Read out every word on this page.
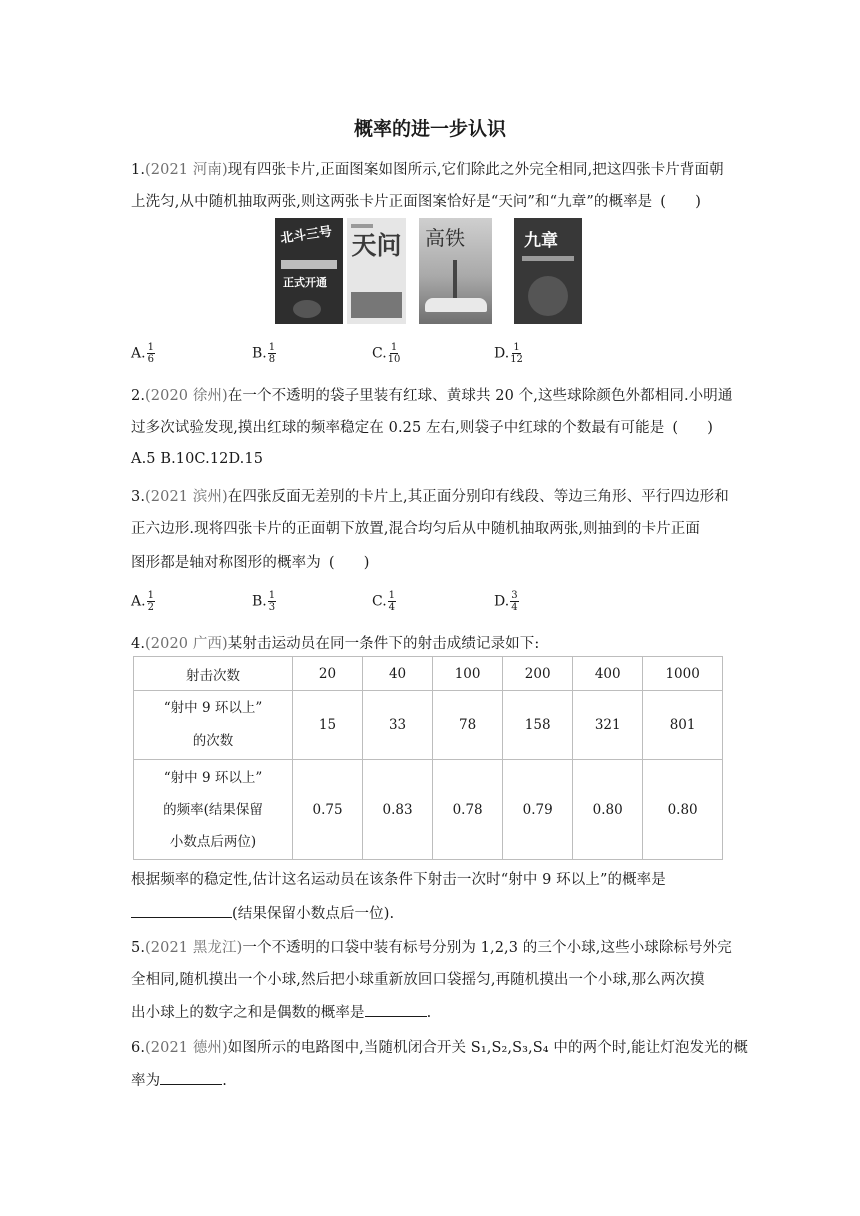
概率的进一步认识
1.(2021 河南)现有四张卡片,正面图案如图所示,它们除此之外完全相同,把这四张卡片背面朝
上洗匀,从中随机抽取两张,则这两张卡片正面图案恰好是“天问”和“九章”的概率是 (　　)
北斗三号
正式开通
天问 高铁	九章
A. $\frac{1}{6}$	B. $\frac{1}{8}$	C. $\frac{1}{10}$	D. $\frac{1}{12}$
2.(2020 徐州)在一个不透明的袋子里装有红球、黄球共 20 个,这些球除颜色外都相同.小明通
过多次试验发现,摸出红球的频率稳定在 0.25 左右,则袋子中红球的个数最有可能是 (　　)
A.5 B.10C.12D.15
3.(2021 滨州)在四张反面无差别的卡片上,其正面分别印有线段、等边三角形、平行四边形和
正六边形.现将四张卡片的正面朝下放置,混合均匀后从中随机抽取两张,则抽到的卡片正面
图形都是轴对称图形的概率为 (　　)
A. $\frac{1}{2}$	B. $\frac{1}{3}$	C. $\frac{1}{4}$	D. $\frac{3}{4}$
4.(2020 广西)某射击运动员在同一条件下的射击成绩记录如下:
射击次数	20	40	100	200	400	1000

“射中 9 环以上”
的次数	15	33	78	158	321	801

“射中 9 环以上”
的频率(结果保留
小数点后两位)	0.75	0.83	0.78	0.79	0.80	0.80
根据频率的稳定性,估计这名运动员在该条件下射击一次时“射中 9 环以上”的概率是
(结果保留小数点后一位).
5.(2021 黑龙江)一个不透明的口袋中装有标号分别为 1,2,3 的三个小球,这些小球除标号外完
全相同,随机摸出一个小球,然后把小球重新放回口袋摇匀,再随机摸出一个小球,那么两次摸
出小球上的数字之和是偶数的概率是	.
6.(2021 德州)如图所示的电路图中,当随机闭合开关 S₁,S₂,S₃,S₄ 中的两个时,能让灯泡发光的概
率为	.
